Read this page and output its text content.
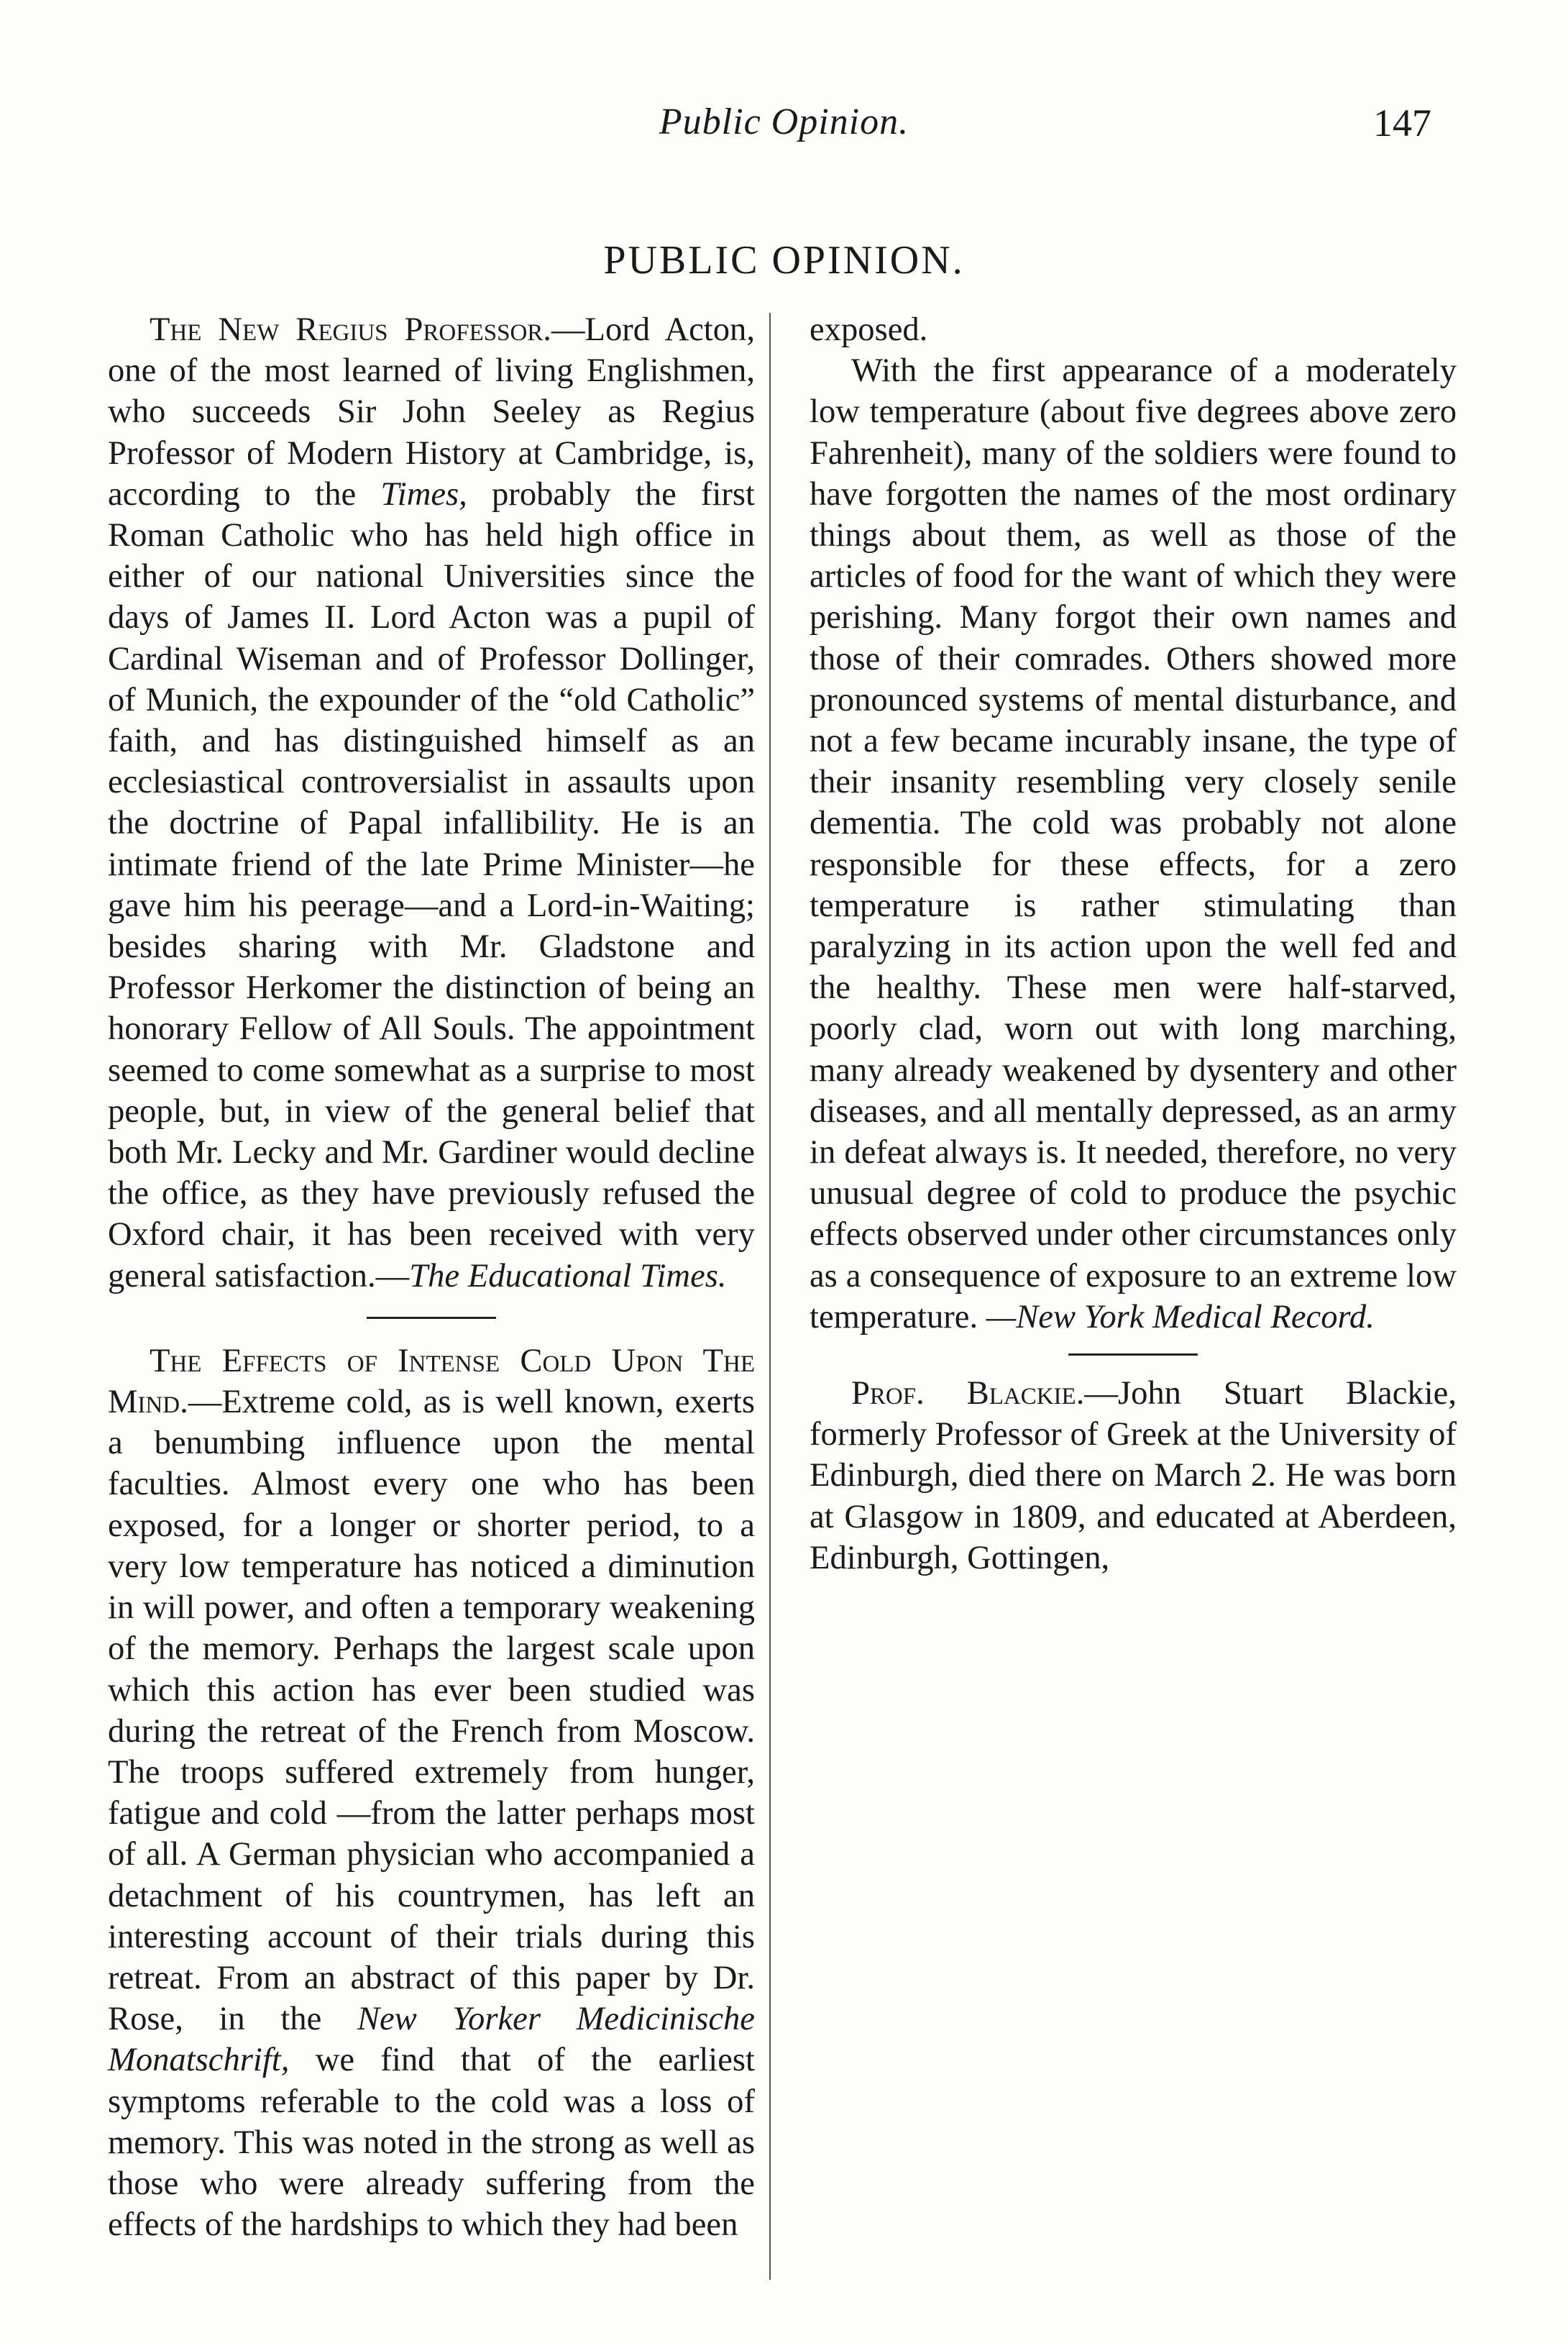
Public Opinion.	147
PUBLIC OPINION.

The New Regius Professor.—Lord Acton, one of the most learned of living Englishmen, who succeeds Sir John Seeley as Regius Professor of Modern History at Cambridge, is, according to the Times, probably the first Roman Catholic who has held high office in either of our national Universities since the days of James II. Lord Acton was a pupil of Cardinal Wiseman and of Professor Dollinger, of Munich, the expounder of the “old Catholic” faith, and has distinguished himself as an ecclesiastical controversialist in assaults upon the doctrine of Papal infallibility. He is an intimate friend of the late Prime Minister—he gave him his peerage—and a Lord-in-Waiting; besides sharing with Mr. Gladstone and Professor Herkomer the distinction of being an honorary Fellow of All Souls. The appointment seemed to come somewhat as a surprise to most people, but, in view of the general belief that both Mr. Lecky and Mr. Gardiner would decline the office, as they have previously refused the Oxford chair, it has been received with very general satisfaction.—The Educational Times.

The Effects of Intense Cold Upon The Mind.—Extreme cold, as is well known, exerts a benumbing influence upon the mental faculties. Almost every one who has been exposed, for a longer or shorter period, to a very low temperature has noticed a diminution in will power, and often a temporary weakening of the memory. Perhaps the largest scale upon which this action has ever been studied was during the retreat of the French from Moscow. The troops suffered extremely from hunger, fatigue and cold —from the latter perhaps most of all. A German physician who accompanied a detachment of his countrymen, has left an interesting account of their trials during this retreat. From an abstract of this paper by Dr. Rose, in the New Yorker Medicinische Monatschrift, we find that of the earliest symptoms referable to the cold was a loss of memory. This was noted in the strong as well as those who were already suffering from the effects of the hardships to which they had been

exposed.

With the first appearance of a moderately low temperature (about five degrees above zero Fahrenheit), many of the soldiers were found to have forgotten the names of the most ordinary things about them, as well as those of the articles of food for the want of which they were perishing. Many forgot their own names and those of their comrades. Others showed more pronounced systems of mental disturbance, and not a few became incurably insane, the type of their insanity resembling very closely senile dementia. The cold was probably not alone responsible for these effects, for a zero temperature is rather stimulating than paralyzing in its action upon the well fed and the healthy. These men were half-starved, poorly clad, worn out with long marching, many already weakened by dysentery and other diseases, and all mentally depressed, as an army in defeat always is. It needed, therefore, no very unusual degree of cold to produce the psychic effects observed under other circumstances only as a consequence of exposure to an extreme low temperature. —New York Medical Record.

Prof. Blackie.—John Stuart Blackie, formerly Professor of Greek at the University of Edinburgh, died there on March 2. He was born at Glasgow in 1809, and educated at Aberdeen, Edinburgh, Gottingen,
